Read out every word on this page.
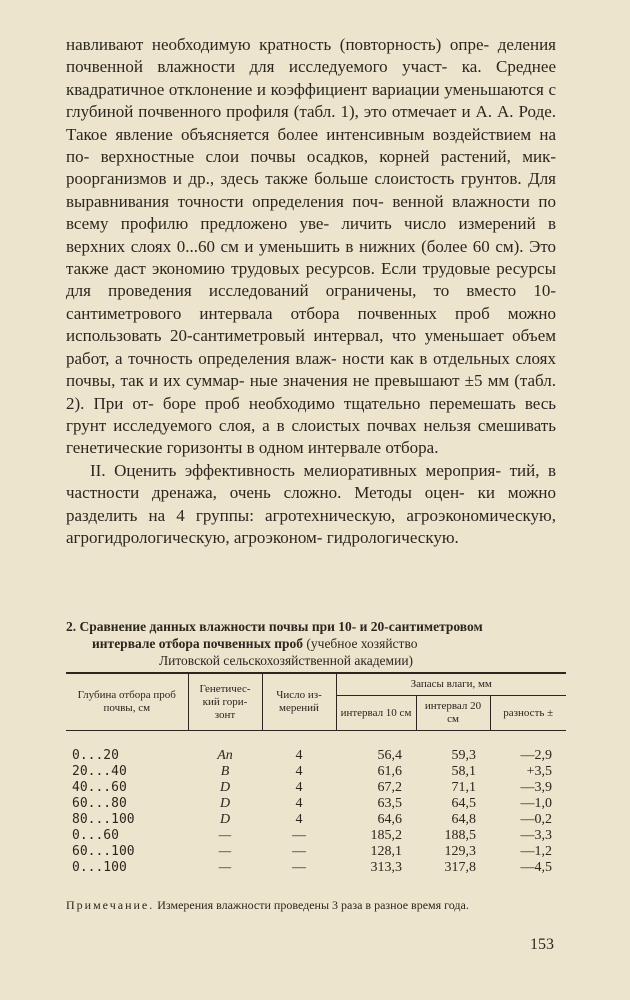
навливают необходимую кратность (повторность) опре- деления почвенной влажности для исследуемого участ- ка. Среднее квадратичное отклонение и коэффициент вариации уменьшаются с глубиной почвенного профиля (табл. 1), это отмечает и А. А. Роде. Такое явление объясняется более интенсивным воздействием на по- верхностные слои почвы осадков, корней растений, мик- роорганизмов и др., здесь также больше слоистость грунтов. Для выравнивания точности определения поч- венной влажности по всему профилю предложено уве- личить число измерений в верхних слоях 0...60 см и уменьшить в нижних (более 60 см). Это также даст экономию трудовых ресурсов. Если трудовые ресурсы для проведения исследований ограничены, то вместо 10-сантиметрового интервала отбора почвенных проб можно использовать 20-сантиметровый интервал, что уменьшает объем работ, а точность определения влаж- ности как в отдельных слоях почвы, так и их суммар- ные значения не превышают ±5 мм (табл. 2). При от- боре проб необходимо тщательно перемешать весь грунт исследуемого слоя, а в слоистых почвах нельзя смешивать генетические горизонты в одном интервале отбора.

II. Оценить эффективность мелиоративных мероприя- тий, в частности дренажа, очень сложно. Методы оцен- ки можно разделить на 4 группы: агротехническую, агроэкономическую, агрогидрологическую, агроэконом- гидрологическую.

2. Сравнение данных влажности почвы при 10- и 20-сантиметровом
интервале отбора почвенных проб (учебное хозяйство
Литовской сельскохозяйственной академии)
Глубина отбора проб почвы, см	Генетичес-кий гори-зонт	Число из-мерений	Запасы влаги, мм		
			интервал 10 см	интервал 20 см	разность ±
0...20	Aп	4	56,4	59,3	—2,9
20...40	B	4	61,6	58,1	+3,5
40...60	D	4	67,2	71,1	—3,9
60...80	D	4	63,5	64,5	—1,0
80...100	D	4	64,6	64,8	—0,2
0...60	—	—	185,2	188,5	—3,3
60...100	—	—	128,1	129,3	—1,2
0...100	—	—	313,3	317,8	—4,5
Примечание. Измерения влажности проведены 3 раза в разное время года.
153
